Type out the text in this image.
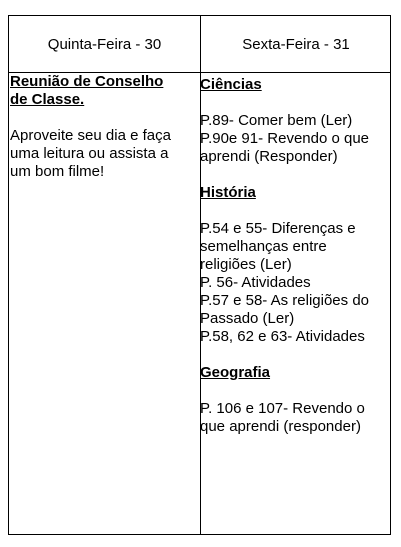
Quinta-Feira - 30	Sexta-Feira - 31

Reunião de Conselho de Classe.

Aproveite seu dia e faça uma leitura ou assista a um bom filme!

Ciências

P.89- Comer bem (Ler)
P.90e 91- Revendo o que aprendi (Responder)

História

P.54 e 55- Diferenças e semelhanças entre religiões (Ler)
P. 56- Atividades
P.57 e 58- As religiões do Passado (Ler)
P.58, 62 e 63- Atividades

Geografia

P. 106 e 107- Revendo o que aprendi (responder)
